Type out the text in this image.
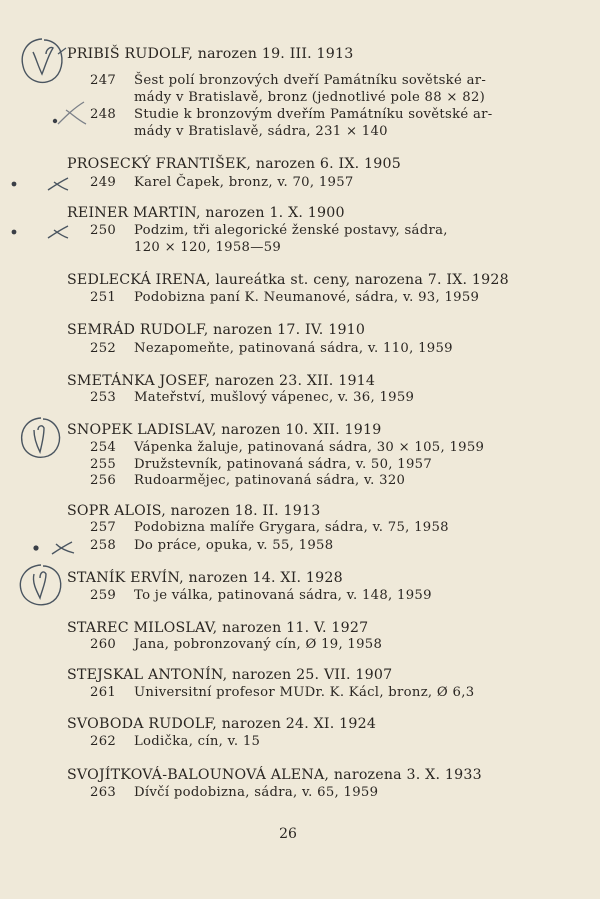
PRIBIŠ RUDOLF, narozen 19. III. 1913
247 Šest polí bronzových dveří Památníku sovětské ar-
mády v Bratislavě, bronz (jednotlivé pole 88 × 82)
248 Studie k bronzovým dveřím Památníku sovětské ar-
mády v Bratislavě, sádra, 231 × 140
PROSECKÝ FRANTIŠEK, narozen 6. IX. 1905
249 Karel Čapek, bronz, v. 70, 1957
REINER MARTIN, narozen 1. X. 1900
250 Podzim, tři alegorické ženské postavy, sádra,
120 × 120, 1958—59
SEDLECKÁ IRENA, laureátka st. ceny, narozena 7. IX. 1928
251 Podobizna paní K. Neumanové, sádra, v. 93, 1959
SEMRÁD RUDOLF, narozen 17. IV. 1910
252 Nezapomeňte, patinovaná sádra, v. 110, 1959
SMETÁNKA JOSEF, narozen 23. XII. 1914
253 Mateřství, mušlový vápenec, v. 36, 1959
SNOPEK LADISLAV, narozen 10. XII. 1919
254 Vápenka žaluje, patinovaná sádra, 30 × 105, 1959
255 Družstevník, patinovaná sádra, v. 50, 1957
256 Rudoarmějec, patinovaná sádra, v. 320
SOPR ALOIS, narozen 18. II. 1913
257 Podobizna malíře Grygara, sádra, v. 75, 1958
258 Do práce, opuka, v. 55, 1958
STANÍK ERVÍN, narozen 14. XI. 1928
259 To je válka, patinovaná sádra, v. 148, 1959
STAREC MILOSLAV, narozen 11. V. 1927
260 Jana, pobronzovaný cín, Ø 19, 1958
STEJSKAL ANTONÍN, narozen 25. VII. 1907
261 Universitní profesor MUDr. K. Kácl, bronz, Ø 6,3
SVOBODA RUDOLF, narozen 24. XI. 1924
262 Lodička, cín, v. 15
SVOJÍTKOVÁ-BALOUNOVÁ ALENA, narozena 3. X. 1933
263 Dívčí podobizna, sádra, v. 65, 1959
26
